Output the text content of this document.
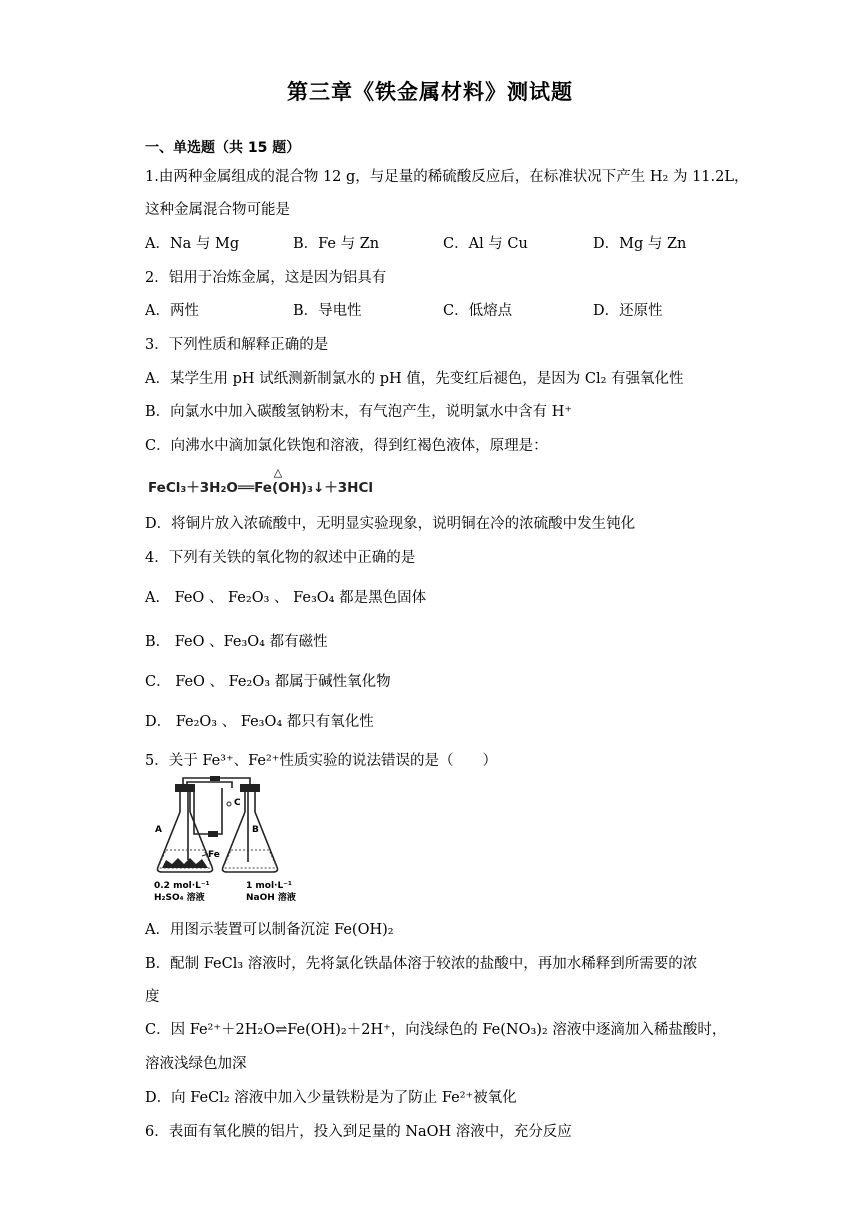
第三章《铁金属材料》测试题
一、单选题（共 15 题）
1.由两种金属组成的混合物 12 g，与足量的稀硫酸反应后，在标准状况下产生 H₂ 为 11.2L，
这种金属混合物可能是
A．Na 与 Mg	B．Fe 与 Zn	C．Al 与 Cu	D．Mg 与 Zn
2．铝用于冶炼金属，这是因为铝具有
A．两性	B．导电性	C．低熔点	D．还原性
3．下列性质和解释正确的是
A．某学生用 pH 试纸测新制氯水的 pH 值，先变红后褪色，是因为 Cl₂ 有强氧化性
B．向氯水中加入碳酸氢钠粉末，有气泡产生，说明氯水中含有 H⁺
C．向沸水中滴加氯化铁饱和溶液，得到红褐色液体，原理是：
△
FeCl₃＋3H₂O══Fe(OH)₃↓＋3HCl
D．将铜片放入浓硫酸中，无明显实验现象，说明铜在冷的浓硫酸中发生钝化
4．下列有关铁的氧化物的叙述中正确的是
A． FeO 、 Fe₂O₃ 、 Fe₃O₄ 都是黑色固体
B． FeO 、Fe₃O₄ 都有磁性
C． FeO 、 Fe₂O₃ 都属于碱性氧化物
D． Fe₂O₃ 、 Fe₃O₄ 都只有氧化性
5．关于 Fe³⁺、Fe²⁺性质实验的说法错误的是（　　）
C
A	B
Fe
0.2 mol·L⁻¹
H₂SO₄ 溶液
1 mol·L⁻¹
NaOH 溶液
A．用图示装置可以制备沉淀 Fe(OH)₂
B．配制 FeCl₃ 溶液时，先将氯化铁晶体溶于较浓的盐酸中，再加水稀释到所需要的浓
度
C．因 Fe²⁺＋2H₂O⇌Fe(OH)₂＋2H⁺，向浅绿色的 Fe(NO₃)₂ 溶液中逐滴加入稀盐酸时，
溶液浅绿色加深
D．向 FeCl₂ 溶液中加入少量铁粉是为了防止 Fe²⁺被氧化
6．表面有氧化膜的铝片，投入到足量的 NaOH 溶液中，充分反应
